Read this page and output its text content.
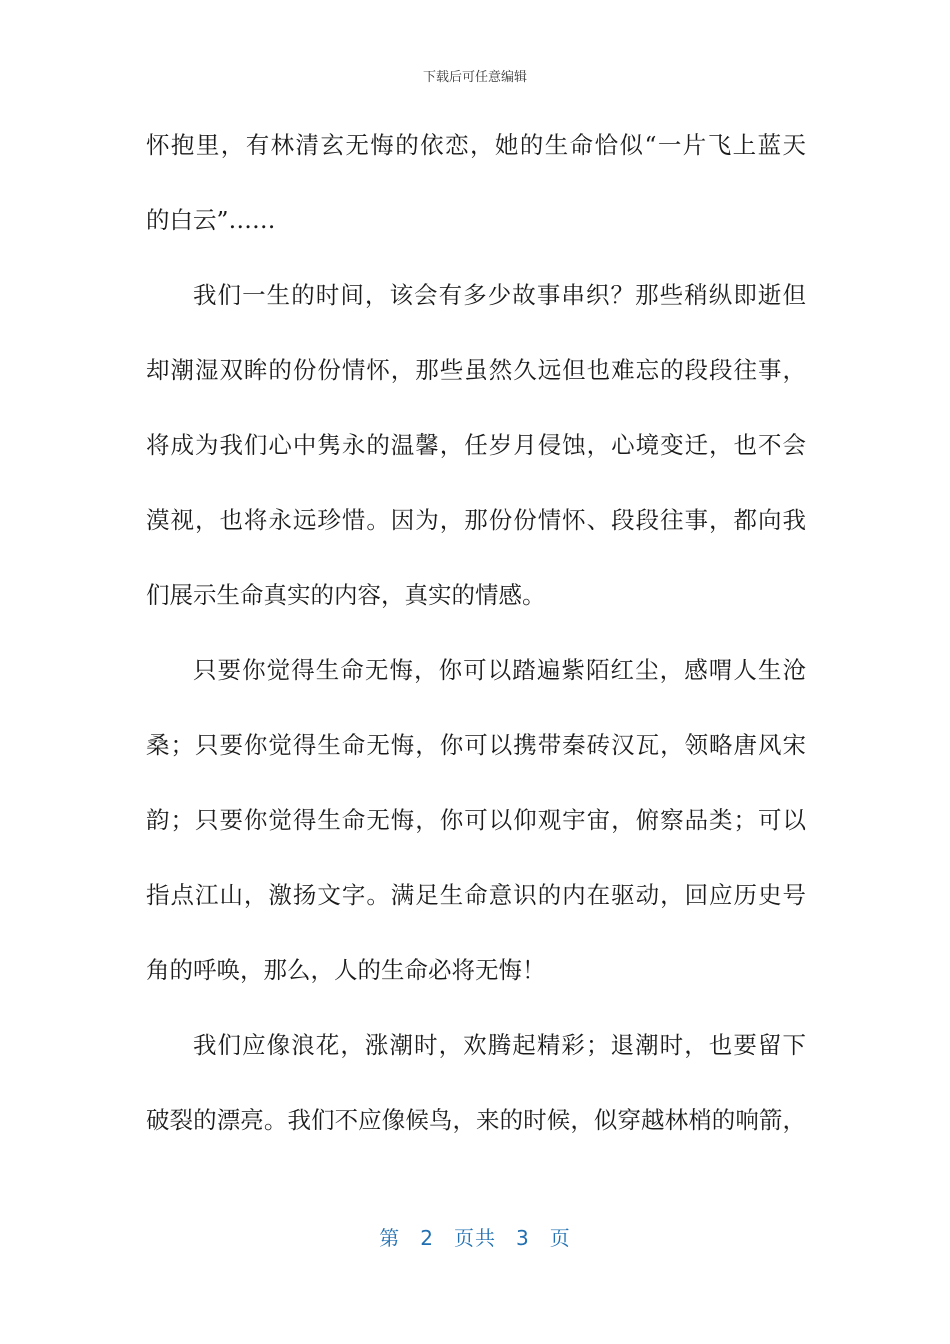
下载后可任意编辑
怀抱里，有林清玄无悔的依恋，她的生命恰似“一片飞上蓝天
的白云”……
我们一生的时间，该会有多少故事串织？那些稍纵即逝但
却潮湿双眸的份份情怀，那些虽然久远但也难忘的段段往事，
将成为我们心中隽永的温馨，任岁月侵蚀，心境变迁，也不会
漠视，也将永远珍惜。因为，那份份情怀、段段往事，都向我
们展示生命真实的内容，真实的情感。
只要你觉得生命无悔，你可以踏遍紫陌红尘，感喟人生沧
桑；只要你觉得生命无悔，你可以携带秦砖汉瓦，领略唐风宋
韵；只要你觉得生命无悔，你可以仰观宇宙，俯察品类；可以
指点江山，激扬文字。满足生命意识的内在驱动，回应历史号
角的呼唤，那么，人的生命必将无悔！
我们应像浪花，涨潮时，欢腾起精彩；退潮时，也要留下
破裂的漂亮。我们不应像候鸟，来的时候，似穿越林梢的响箭，
第 2 页共 3 页
